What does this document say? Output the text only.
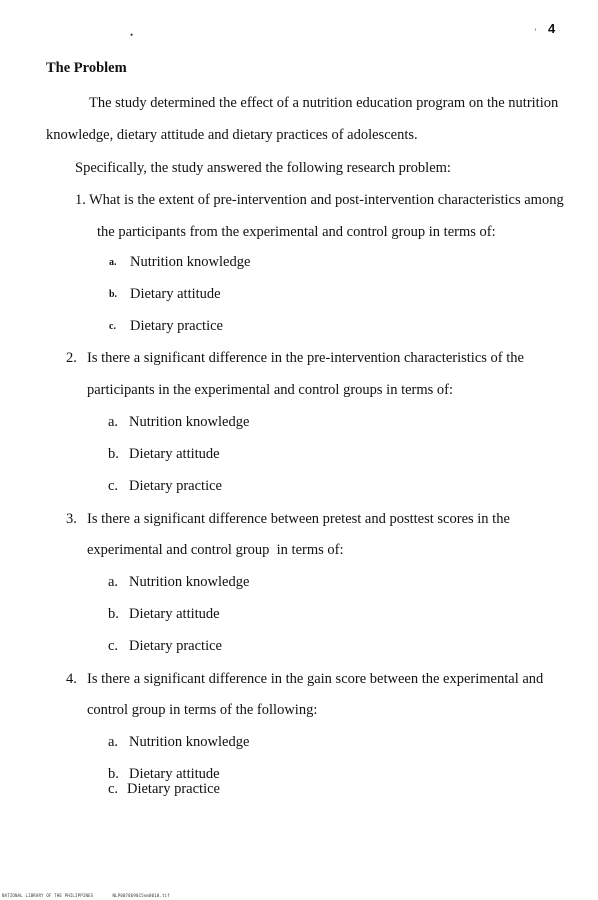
•	’ 4
The Problem
The study determined the effect of a nutrition education program on the nutrition
knowledge, dietary attitude and dietary practices of adolescents.
Specifically, the study answered the following research problem:
1. What is the extent of pre-intervention and post-intervention characteristics among
the participants from the experimental and control group in terms of:
a. Nutrition knowledge
b. Dietary attitude
c. Dietary practice
2. Is there a significant difference in the pre-intervention characteristics of the
participants in the experimental and control groups in terms of:
a. Nutrition knowledge
b. Dietary attitude
c. Dietary practice
3. Is there a significant difference between pretest and posttest scores in the
experimental and control group  in terms of:
a. Nutrition knowledge
b. Dietary attitude
c. Dietary practice
4. Is there a significant difference in the gain score between the experimental and
control group in terms of the following:
a. Nutrition knowledge
b. Dietary attitude
c. Dietary practice
NATIONAL LIBRARY OF THE PHILIPPINES	NLP007869015nm0010.tif
